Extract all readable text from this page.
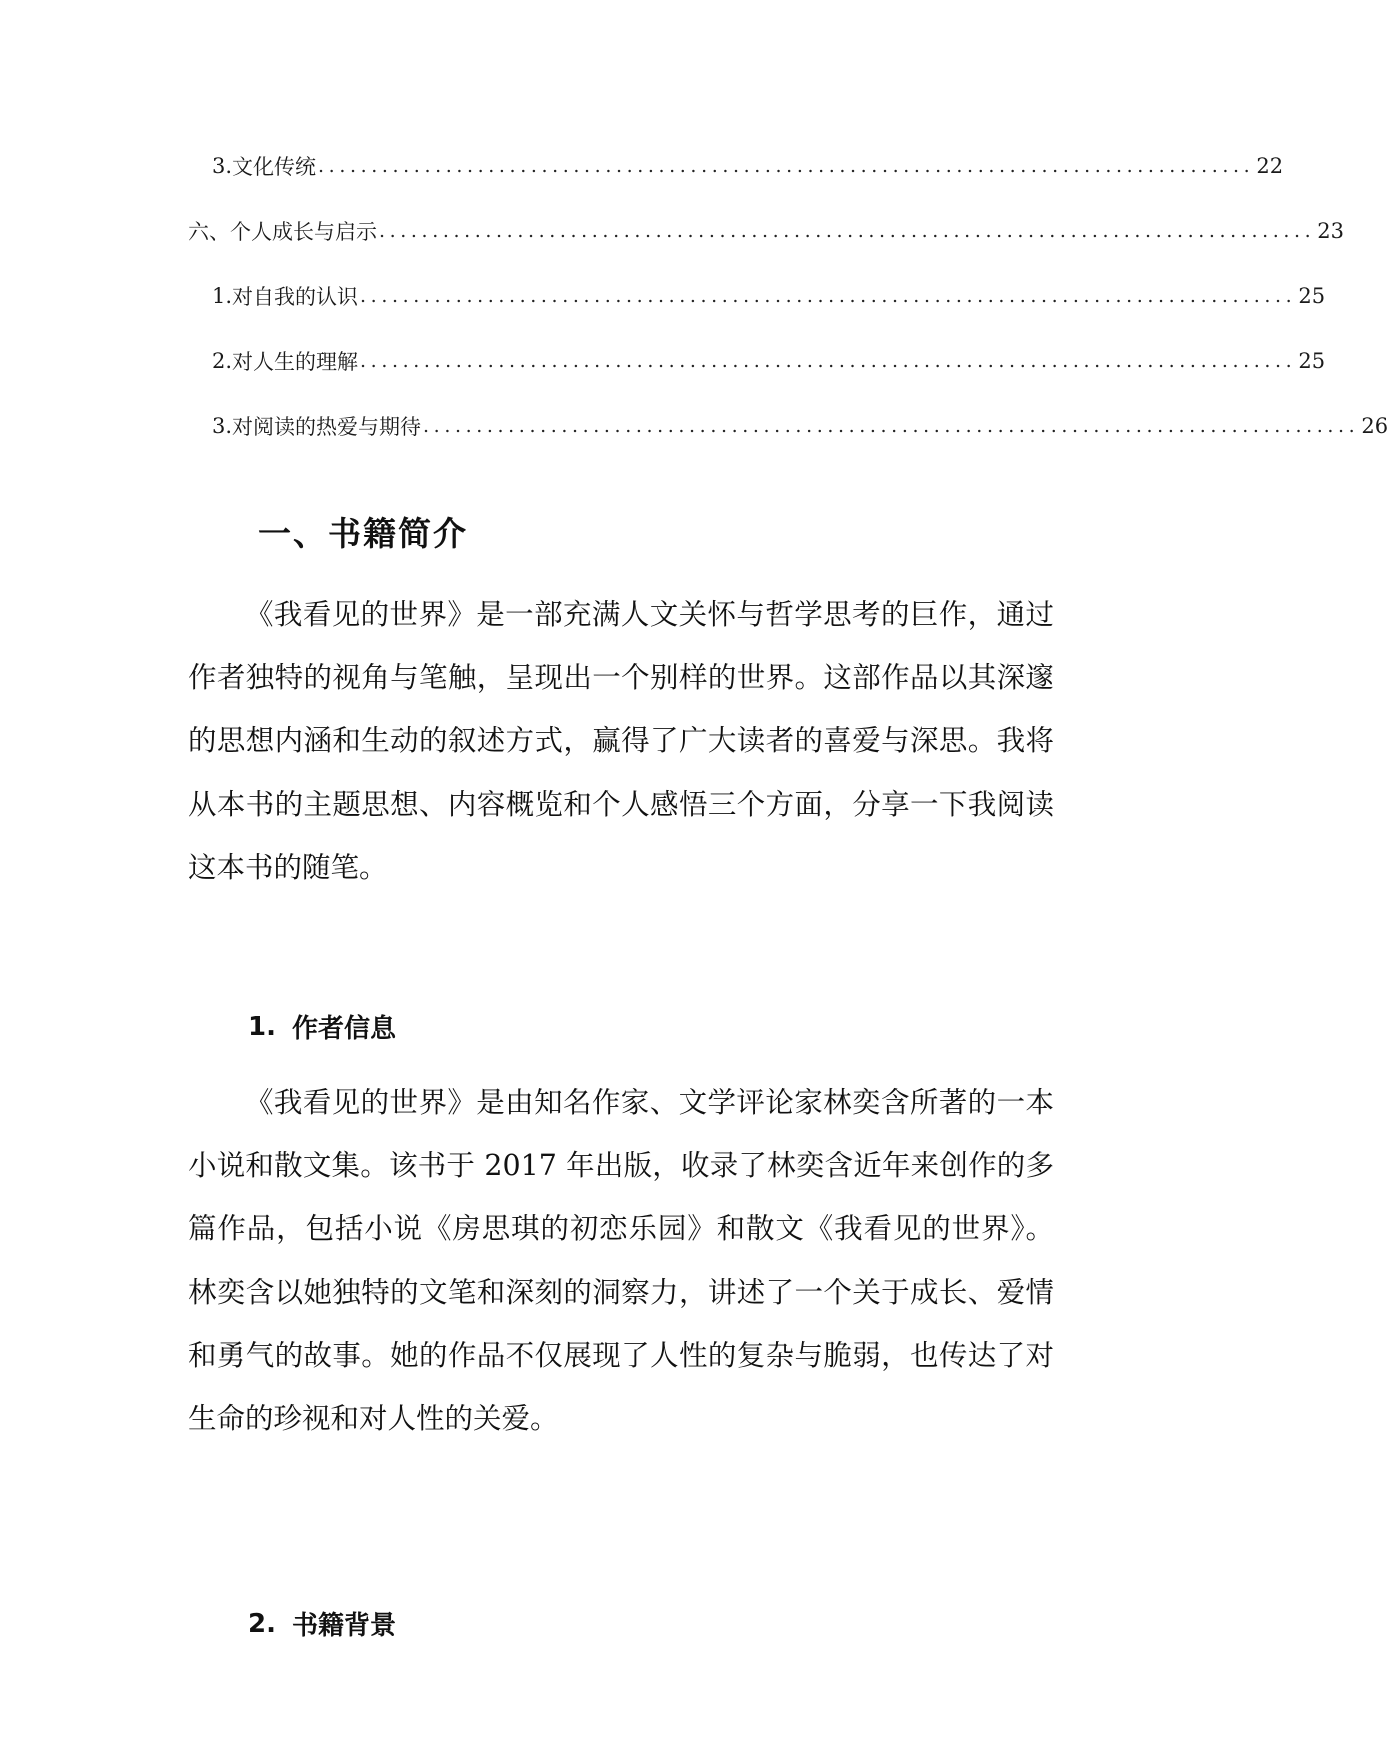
3. 文化传统 ........................................................................................ 22
六、个人成长与启示 ........................................................................................ 23
1. 对自我的认识 ........................................................................................ 25
2. 对人生的理解 ........................................................................................ 25
3. 对阅读的热爱与期待 ........................................................................................ 26
一、书籍简介

《我看见的世界》是一部充满人文关怀与哲学思考的巨作，通过作者独特的视角与笔触，呈现出一个别样的世界。这部作品以其深邃的思想内涵和生动的叙述方式，赢得了广大读者的喜爱与深思。我将从本书的主题思想、内容概览和个人感悟三个方面，分享一下我阅读这本书的随笔。

1. 作者信息

《我看见的世界》是由知名作家、文学评论家林奕含所著的一本小说和散文集。该书于 2017 年出版，收录了林奕含近年来创作的多篇作品，包括小说《房思琪的初恋乐园》和散文《我看见的世界》。林奕含以她独特的文笔和深刻的洞察力，讲述了一个关于成长、爱情和勇气的故事。她的作品不仅展现了人性的复杂与脆弱，也传达了对生命的珍视和对人性的关爱。

2. 书籍背景
